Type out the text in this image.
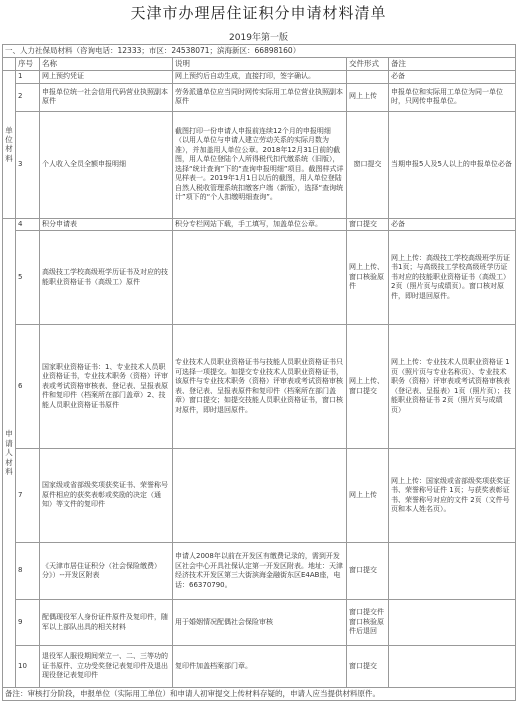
天津市办理居住证积分申请材料清单
2019年第一版
一、人力社保局材料（咨询电话：12333；市区：24538071；滨海新区：66898160）					
	序号	名称	说明	交件形式	备注
单位材料	1	网上预约凭证	网上预约后自动生成，直接打印，签字确认。		必备
	2	申报单位统一社会信用代码营业执照副本原件	劳务派遣单位应当同时网传实际用工单位营业执照副本原件	网上上传	申报单位和实际用工单位为同一单位时，只网传申报单位。
	3	个人收入全员全额申报明细	截图打印一份申请人申报前连续12个月的申报明细（以用人单位与申请人建立劳动关系的实际月数为准），并加盖用人单位公章。2018年12月31日前的截图，用人单位登陆个人所得税代扣代缴系统（旧版），选择“统计查询”下的“查询申报明细”项目。截图样式详见样表一。2019年1月1日以后的截图，用人单位登陆自然人税收管理系统扣缴客户端（新版），选择“查询统计”项下的“个人扣缴明细查询”。	窗口提交	当期申报5人及5人以上的申报单位必备
申请人材料	4	积分申请表	积分专栏网站下载，手工填写，加盖单位公章。	窗口提交	必备
	5	高级技工学校高级班学历证书及对应的技能职业资格证书（高级工）原件		网上上传、窗口核验原件	网上上传：高级技工学校高级班学历证书1页；与高级技工学校高级班学历证书对应的技能职业资格证书（高级工）2页（照片页与成绩页）。窗口核对原件，即时退回原件。
	6	国家职业资格证书：1、专业技术人员职业资格证书，专业技术职务（资格）评审表或考试资格审核表、登记表、呈报表原件和复印件（档案所在部门盖章）2、技能人员职业资格证书原件	专业技术人员职业资格证书与技能人员职业资格证书只可选择一项提交。如提交专业技术人员职业资格证书，该原件与专业技术职务（资格）评审表或考试资格审核表、登记表、呈报表原件和复印件（档案所在部门盖章）窗口提交；如提交技能人员职业资格证书，窗口核对原件，即时退回原件。	网上上传、窗口提交	网上上传：专业技术人员职业资格证 1页（照片页与专业名称页）、专业技术职务（资格）评审表或考试资格审核表（登记表、呈报表）1页（照片页）；技能职业资格证书 2页（照片页与成绩页）
	7	国家级或省部级奖项获奖证书、荣誉称号原件相应的获奖表彰或奖励的决定（通知）等文件的复印件		网上上传	网上上传：国家级或省部级奖项获奖证书、荣誉称号证件 1页；与获奖表彰证书、荣誉称号对应的文件 2页（文件号页和本人姓名页）。
	8	《天津市居住证积分（社会保险缴费）分》）--开发区附表	申请人2008年以前在开发区有缴费记录的，需到开发区社会中心开具社保认定第一开发区附表。地址：天津经济技术开发区第三大街滨海金融街东区E4AB座，电话：66370790。	窗口提交	
	9	配偶现役军人身份证件原件及复印件，随军以上部队出具的相关材料	用于婚姻情况配偶社会保险审核	窗口提交件窗口核验原件后退回	
	10	退役军人服役期间荣立一、二、三等功的证书原件、立功受奖登记表复印件及退出现役登记表复印件	复印件加盖档案部门章。	窗口提交	
备注：审核打分阶段，申报单位（实际用工单位）和申请人初审提交上传材料存疑的，申请人应当提供材料原件。					
